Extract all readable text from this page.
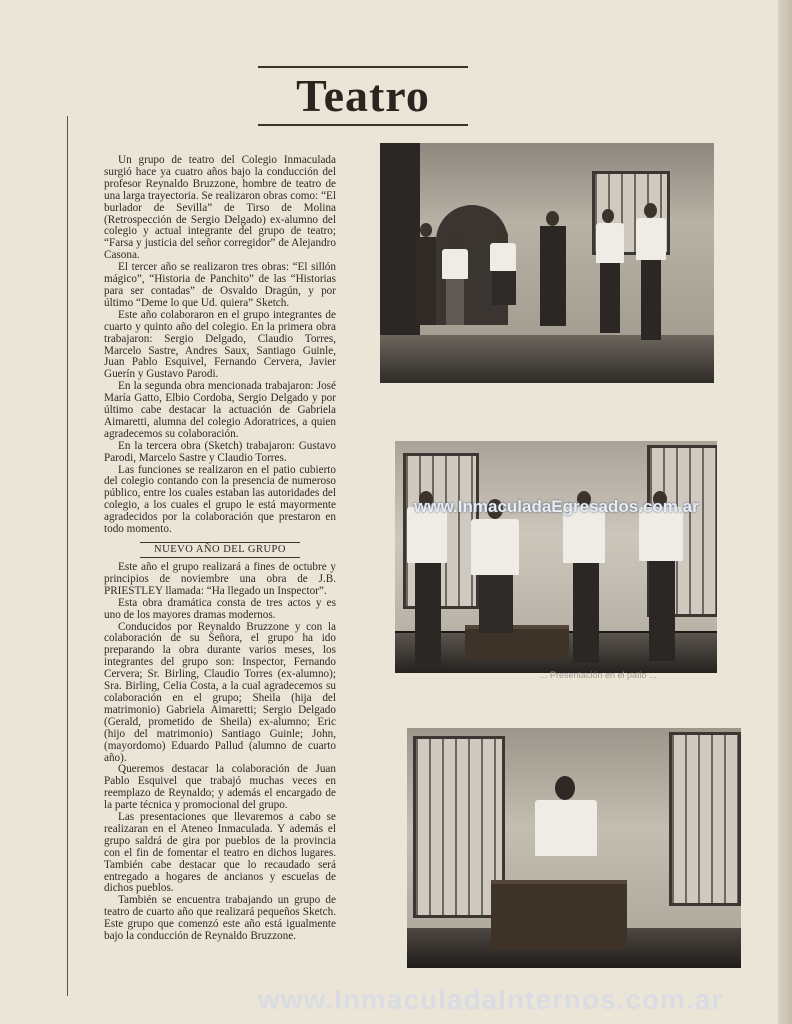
Teatro

Un grupo de teatro del Colegio Inmaculada surgió hace ya cuatro años bajo la conducción del profesor Reynaldo Bruzzone, hombre de teatro de una larga trayectoria. Se realizaron obras como: “El burlador de Sevilla” de Tirso de Molina (Retrospección de Sergio Delgado) ex-alumno del colegio y actual integrante del grupo de teatro; “Farsa y justicia del señor corregidor” de Alejandro Casona.

El tercer año se realizaron tres obras: “El sillón mágico”, “Historia de Panchito” de las “Historias para ser contadas” de Osvaldo Dragún, y por último “Deme lo que Ud. quiera” Sketch.

Este año colaboraron en el grupo integrantes de cuarto y quinto año del colegio. En la primera obra trabajaron: Sergio Delgado, Claudio Torres, Marcelo Sastre, Andres Saux, Santiago Guinle, Juan Pablo Esquivel, Fernando Cervera, Javier Guerín y Gustavo Parodi.

En la segunda obra mencionada trabajaron: José María Gatto, Elbio Cordoba, Sergio Delgado y por último cabe destacar la actuación de Gabriela Aimaretti, alumna del colegio Adoratrices, a quien agradecemos su colaboración.

En la tercera obra (Sketch) trabajaron: Gustavo Parodi, Marcelo Sastre y Claudio Torres.

Las funciones se realizaron en el patio cubierto del colegio contando con la presencia de numeroso público, entre los cuales estaban las autoridades del colegio, a los cuales el grupo le está mayormente agradecidos por la colaboración que prestaron en todo momento.

NUEVO AÑO DEL GRUPO

Este año el grupo realizará a fines de octubre y principios de noviembre una obra de J.B. PRIESTLEY llamada: “Ha llegado un Inspector”.

Esta obra dramática consta de tres actos y es uno de los mayores dramas modernos.

Conducidos por Reynaldo Bruzzone y con la colaboración de su Señora, el grupo ha ido preparando la obra durante varios meses, los integrantes del grupo son: Inspector, Fernando Cervera; Sr. Birling, Claudio Torres (ex-alumno); Sra. Birling, Celia Costa, a la cual agradecemos su colaboración en el grupo; Sheila (hija del matrimonio) Gabriela Aimaretti; Sergio Delgado (Gerald, prometido de Sheila) ex-alumno; Eric (hijo del matrimonio) Santiago Guinle; John, (mayordomo) Eduardo Pallud (alumno de cuarto año).

Queremos destacar la colaboración de Juan Pablo Esquivel que trabajó muchas veces en reemplazo de Reynaldo; y además el encargado de la parte técnica y promocional del grupo.

Las presentaciones que llevaremos a cabo se realizaran en el Ateneo Inmaculada. Y además el grupo saldrá de gira por pueblos de la provincia con el fin de fomentar el teatro en dichos lugares. También cabe destacar que lo recaudado será entregado a hogares de ancianos y escuelas de dichos pueblos.

También se encuentra trabajando un grupo de teatro de cuarto año que realizará pequeños Sketch. Este grupo que comenzó este año está igualmente bajo la conducción de Reynaldo Bruzzone.

... Presentación en el patio ...
www.InmaculadaEgresados.com.ar
www.InmaculadaInternos.com.ar
